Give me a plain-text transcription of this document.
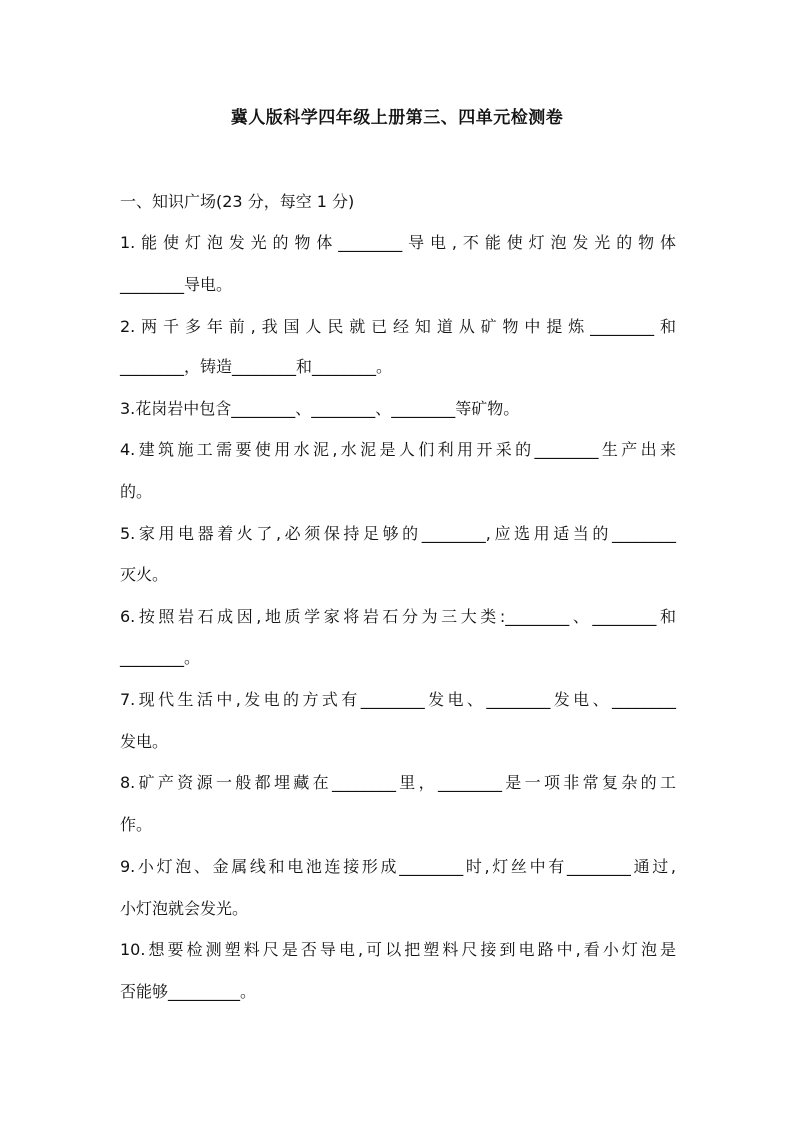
冀人版科学四年级上册第三、四单元检测卷
一、知识广场(23 分，每空 1 分)
1.能使灯泡发光的物体________导电,不能使灯泡发光的物体
________导电。
2.两千多年前,我国人民就已经知道从矿物中提炼________和
________，铸造________和________。
3.花岗岩中包含________、________、________等矿物。
4.建筑施工需要使用水泥,水泥是人们利用开采的________生产出来
的。
5.家用电器着火了,必须保持足够的________,应选用适当的________
灭火。
6.按照岩石成因,地质学家将岩石分为三大类:________、________和
________。
7.现代生活中,发电的方式有________发电、________发电、________
发电。
8.矿产资源一般都埋藏在________里，________是一项非常复杂的工
作。
9.小灯泡、金属线和电池连接形成________时,灯丝中有________通过,
小灯泡就会发光。
10.想要检测塑料尺是否导电,可以把塑料尺接到电路中,看小灯泡是
否能够_________。
